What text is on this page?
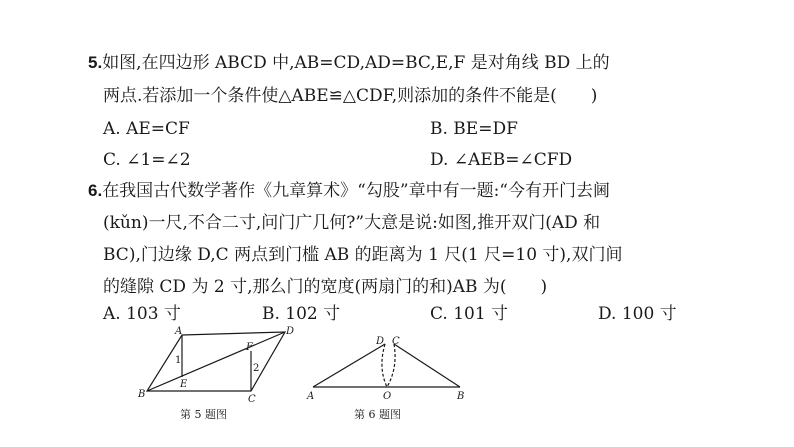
5.如图,在四边形 ABCD 中,AB=CD,AD=BC,E,F 是对角线 BD 上的
两点.若添加一个条件使△ABE≌△CDF,则添加的条件不能是(　　)
A. AE=CF	B. BE=DF
C. ∠1=∠2	D. ∠AEB=∠CFD
6.在我国古代数学著作《九章算术》“勾股”章中有一题:“今有开门去阃
(kǔn)一尺,不合二寸,问门广几何?”大意是说:如图,推开双门(AD 和
BC),门边缘 D,C 两点到门槛 AB 的距离为 1 尺(1 尺=10 寸),双门间
的缝隙 CD 为 2 寸,那么门的宽度(两扇门的和)AB 为(　　)
A. 103 寸	B. 102 寸	C. 101 寸	D. 100 寸
A	D
B	C
E
F
1
2
第 5 题图
A	B
D C
O
第 6 题图
